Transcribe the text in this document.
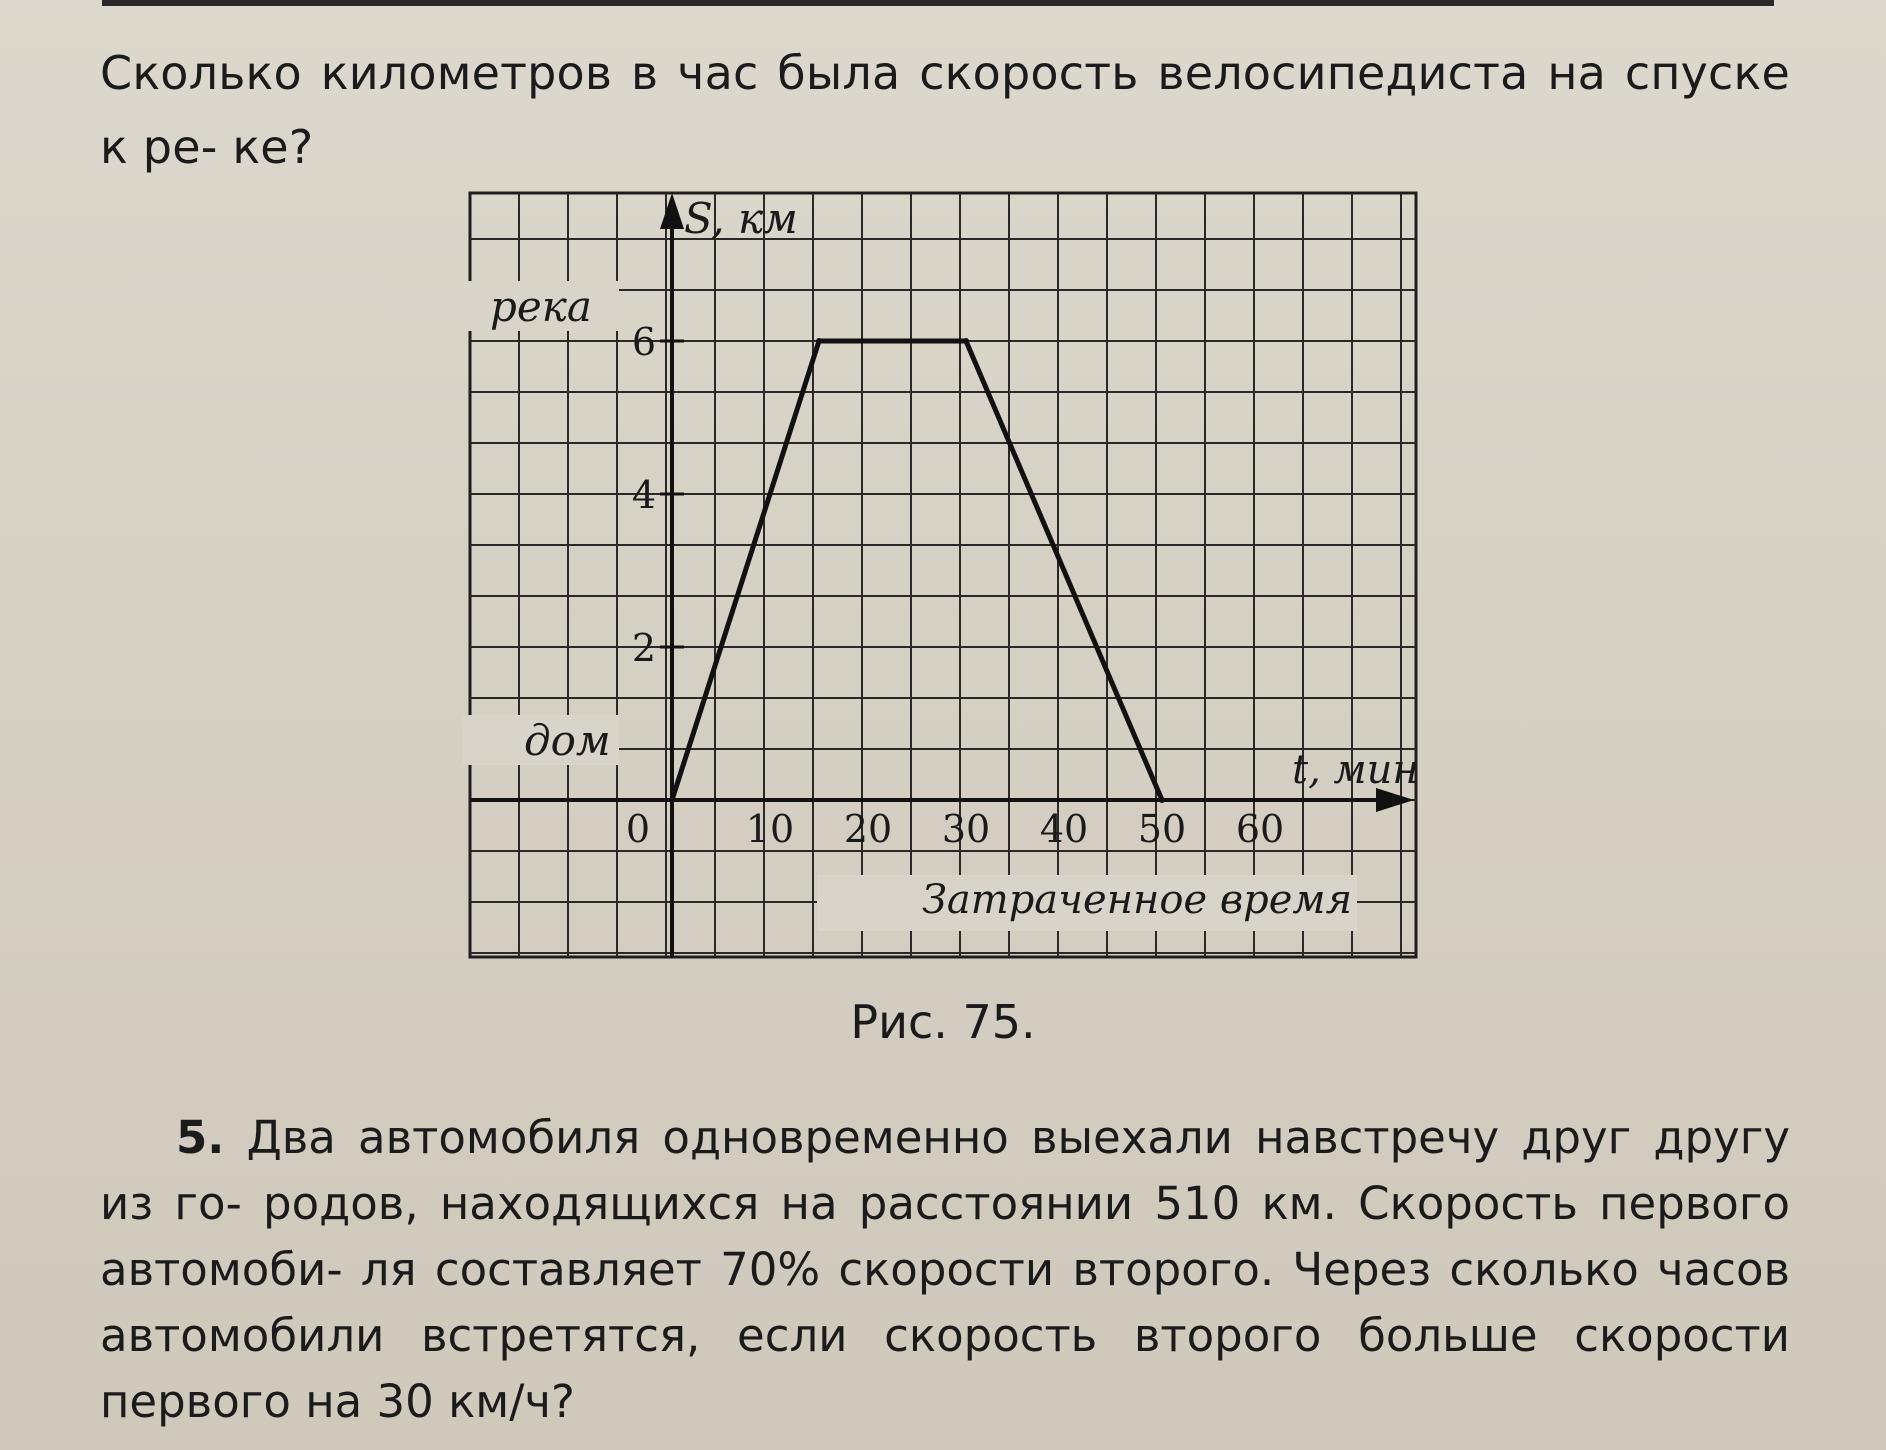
Сколько километров в час была скорость велосипедиста на спуске к ре- ке?
0	10 20 30 40 50 60
2
4
6
S, км
t, мин
река
дом
Затраченное время
Рис. 75.
5. Два автомобиля одновременно выехали навстречу друг другу из го- родов, находящихся на расстоянии 510 км. Скорость первого автомоби- ля составляет 70% скорости второго. Через сколько часов автомобили встретятся, если скорость второго больше скорости первого на 30 км/ч?
